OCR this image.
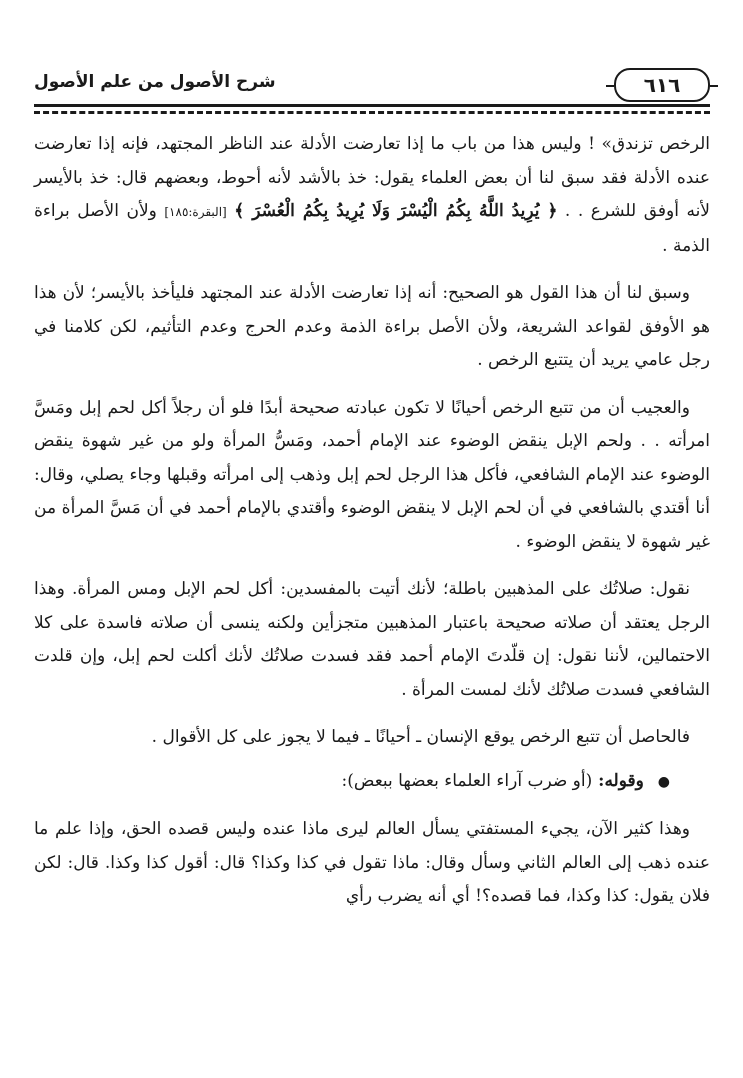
٦١٦
شرح الأصول من علم الأصول

الرخص تزندق» ! وليس هذا من باب ما إذا تعارضت الأدلة عند الناظر المجتهد، فإنه إذا تعارضت عنده الأدلة فقد سبق لنا أن بعض العلماء يقول: خذ بالأشد لأنه أحوط، وبعضهم قال: خذ بالأيسر لأنه أوفق للشرع . . ﴿ يُرِيدُ اللَّهُ بِكُمُ الْيُسْرَ وَلَا يُرِيدُ بِكُمُ الْعُسْرَ ﴾ [البقرة:١٨٥] ولأن الأصل براءة الذمة .

وسبق لنا أن هذا القول هو الصحيح: أنه إذا تعارضت الأدلة عند المجتهد فليأخذ بالأيسر؛ لأن هذا هو الأوفق لقواعد الشريعة، ولأن الأصل براءة الذمة وعدم الحرج وعدم التأثيم، لكن كلامنا في رجل عامي يريد أن يتتبع الرخص .

والعجيب أن من تتبع الرخص أحيانًا لا تكون عبادته صحيحة أبدًا فلو أن رجلاً أكل لحم إبل ومَسَّ امرأته . . ولحم الإبل ينقض الوضوء عند الإمام أحمد، ومَسُّ المرأة ولو من غير شهوة ينقض الوضوء عند الإمام الشافعي، فأكل هذا الرجل لحم إبل وذهب إلى امرأته وقبلها وجاء يصلي، وقال: أنا أقتدي بالشافعي في أن لحم الإبل لا ينقض الوضوء وأقتدي بالإمام أحمد في أن مَسَّ المرأة من غير شهوة لا ينقض الوضوء .

نقول: صلاتُك على المذهبين باطلة؛ لأنك أتيت بالمفسدين: أكل لحم الإبل ومس المرأة. وهذا الرجل يعتقد أن صلاته صحيحة باعتبار المذهبين متجزأين ولكنه ينسى أن صلاته فاسدة على كلا الاحتمالين، لأننا نقول: إن قلّدتَ الإمام أحمد فقد فسدت صلاتُك لأنك أكلت لحم إبل، وإن قلدت الشافعي فسدت صلاتُك لأنك لمست المرأة .

فالحاصل أن تتبع الرخص يوقع الإنسان ـ أحيانًا ـ فيما لا يجوز على كل الأقوال .

● وقوله: (أو ضرب آراء العلماء بعضها ببعض):

وهذا كثير الآن، يجيء المستفتي يسأل العالم ليرى ماذا عنده وليس قصده الحق، وإذا علم ما عنده ذهب إلى العالم الثاني وسأل وقال: ماذا تقول في كذا وكذا؟ قال: أقول كذا وكذا. قال: لكن فلان يقول: كذا وكذا، فما قصده؟! أي أنه يضرب رأي
